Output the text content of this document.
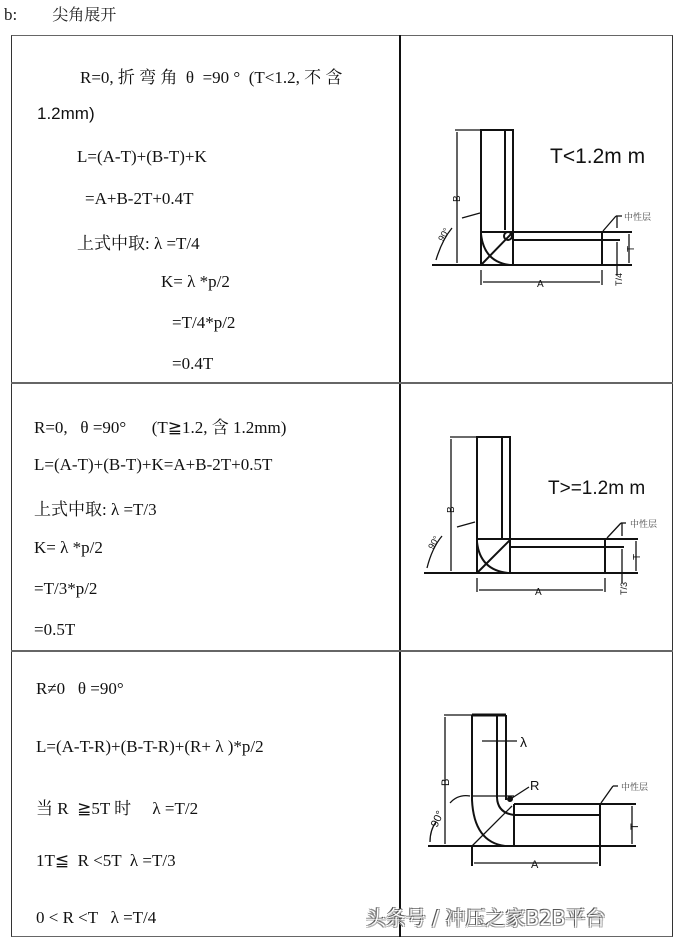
b: 尖角展开
R=0, 折 弯 角  θ  =90 °  (T<1.2, 不 含
1.2mm)
L=(A-T)+(B-T)+K
=A+B-2T+0.4T
上式中取: λ =T/4
K= λ *p/2
=T/4*p/2
=0.4T
R=0,   θ =90°      (T≧1.2, 含 1.2mm)
L=(A-T)+(B-T)+K=A+B-2T+0.5T
上式中取: λ =T/3
K= λ *p/2
=T/3*p/2
=0.5T
R≠0   θ =90°
L=(A-T-R)+(B-T-R)+(R+ λ )*p/2
当 R  ≧5T 时     λ =T/2
1T≦  R <5T  λ =T/3
0 < R <T   λ =T/4
T<1.2m m
中性层
A
B
T
T/4
90°
T>=1.2m m
中性层
A
B
T
T/3
90°
λ
R	中性层
A
B
T
90°
头条号 / 冲压之家B2B平台
